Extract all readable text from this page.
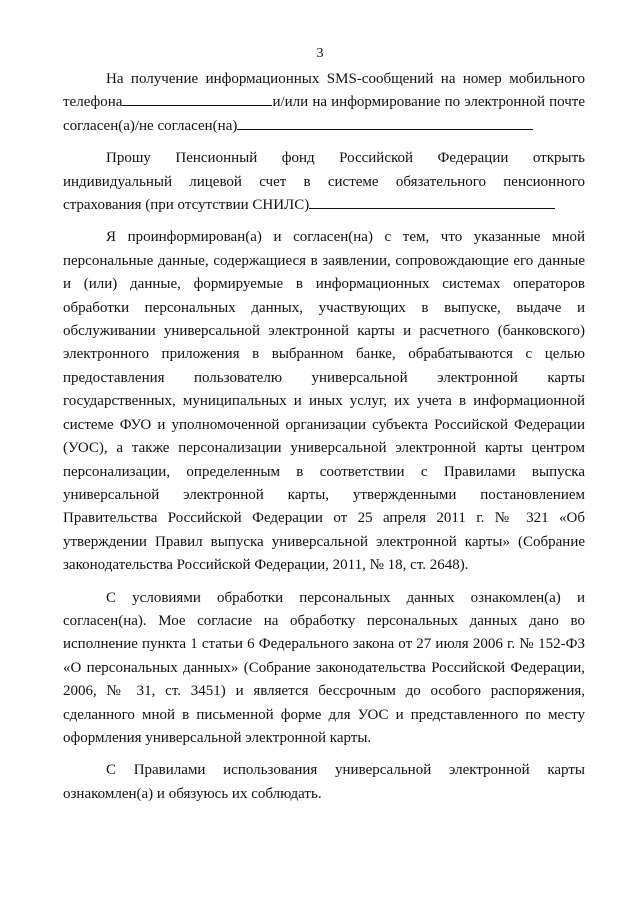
3

На получение информационных SMS-сообщений на номер мобильного телефона	и/или на информирование по электронной почте согласен(а)/не согласен(на)

Прошу Пенсионный фонд Российской Федерации открыть индивидуальный лицевой счет в системе обязательного пенсионного страхования (при отсутствии СНИЛС)

Я проинформирован(а) и согласен(на) с тем, что указанные мной персональные данные, содержащиеся в заявлении, сопровождающие его данные и (или) данные, формируемые в информационных системах операторов обработки персональных данных, участвующих в выпуске, выдаче и обслуживании универсальной электронной карты и расчетного (банковского) электронного приложения в выбранном банке, обрабатываются с целью предоставления пользователю универсальной электронной карты государственных, муниципальных и иных услуг, их учета в информационной системе ФУО и уполномоченной организации субъекта Российской Федерации (УОС), а также персонализации универсальной электронной карты центром персонализации, определенным в соответствии с Правилами выпуска универсальной электронной карты, утвержденными постановлением Правительства Российской Федерации от 25 апреля 2011 г. № 321 «Об утверждении Правил выпуска универсальной электронной карты» (Собрание законодательства Российской Федерации, 2011, № 18, ст. 2648).

С условиями обработки персональных данных ознакомлен(а) и согласен(на). Мое согласие на обработку персональных данных дано во исполнение пункта 1 статьи 6 Федерального закона от 27 июля 2006 г. № 152-ФЗ «О персональных данных» (Собрание законодательства Российской Федерации, 2006, № 31, ст. 3451) и является бессрочным до особого распоряжения, сделанного мной в письменной форме для УОС и представленного по месту оформления универсальной электронной карты.

С Правилами использования универсальной электронной карты ознакомлен(а) и обязуюсь их соблюдать.
